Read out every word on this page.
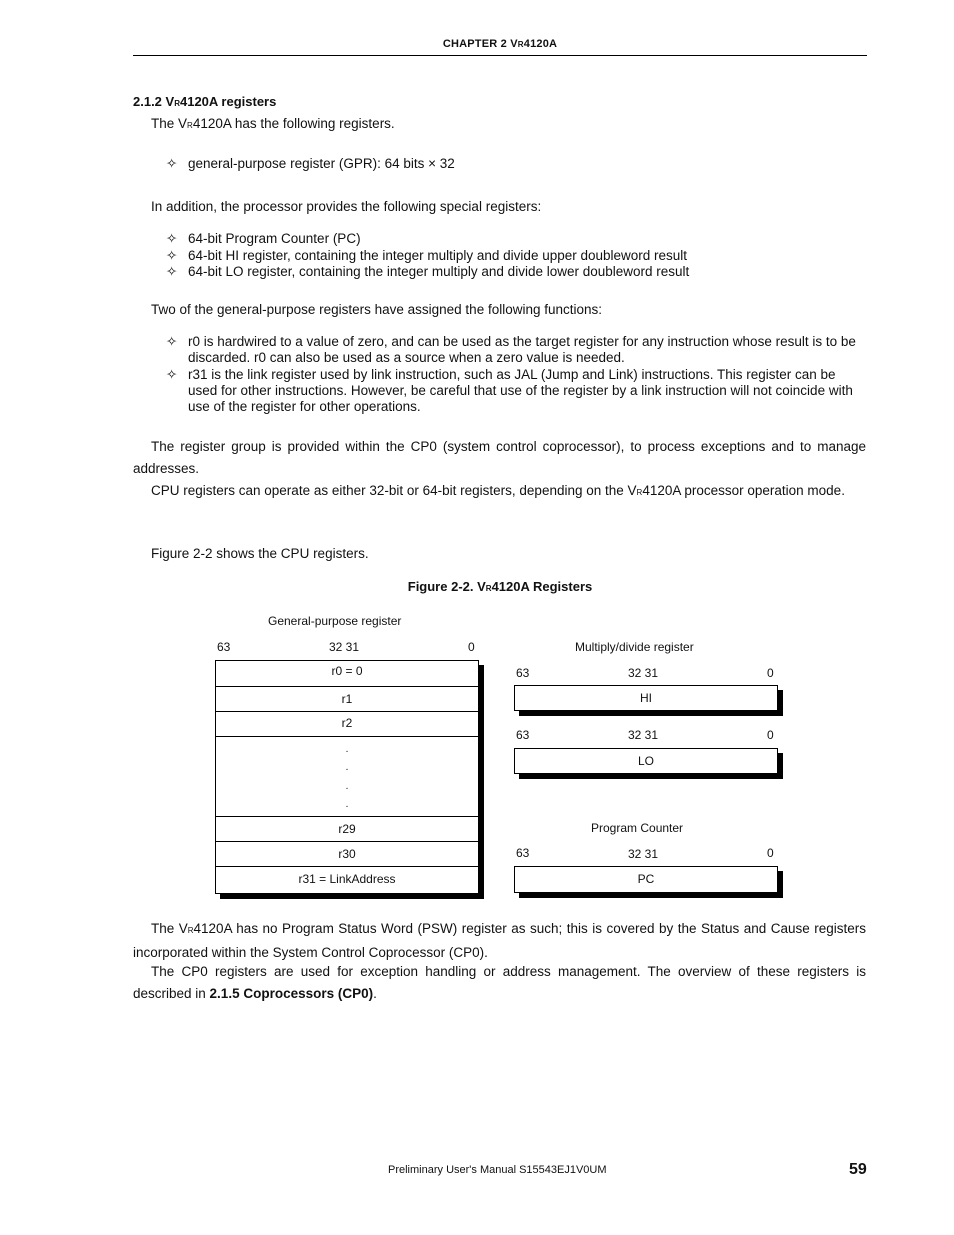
CHAPTER 2 VR4120A
2.1.2 VR4120A registers
The VR4120A has the following registers.
✧ general-purpose register (GPR): 64 bits × 32
In addition, the processor provides the following special registers:
✧ 64-bit Program Counter (PC)
✧ 64-bit HI register, containing the integer multiply and divide upper doubleword result
✧ 64-bit LO register, containing the integer multiply and divide lower doubleword result
Two of the general-purpose registers have assigned the following functions:
✧ r0 is hardwired to a value of zero, and can be used as the target register for any instruction whose result is to be discarded. r0 can also be used as a source when a zero value is needed.
✧ r31 is the link register used by link instruction, such as JAL (Jump and Link) instructions. This register can be used for other instructions. However, be careful that use of the register by a link instruction will not coincide with use of the register for other operations.
The register group is provided within the CP0 (system control coprocessor), to process exceptions and to manage addresses.
CPU registers can operate as either 32-bit or 64-bit registers, depending on the VR4120A processor operation mode.
Figure 2-2 shows the CPU registers.
Figure 2-2. VR4120A Registers
General-purpose register
63	32 31	0
r0 = 0
r1
r2
.
.
.
.
r29
r30
r31 = LinkAddress
Multiply/divide register
63	32 31	0
HI
63	32 31	0
LO
Program Counter
63	32 31	0
PC
The VR4120A has no Program Status Word (PSW) register as such; this is covered by the Status and Cause registers incorporated within the System Control Coprocessor (CP0).
The CP0 registers are used for exception handling or address management. The overview of these registers is described in 2.1.5 Coprocessors (CP0).
Preliminary User's Manual S15543EJ1V0UM	59
